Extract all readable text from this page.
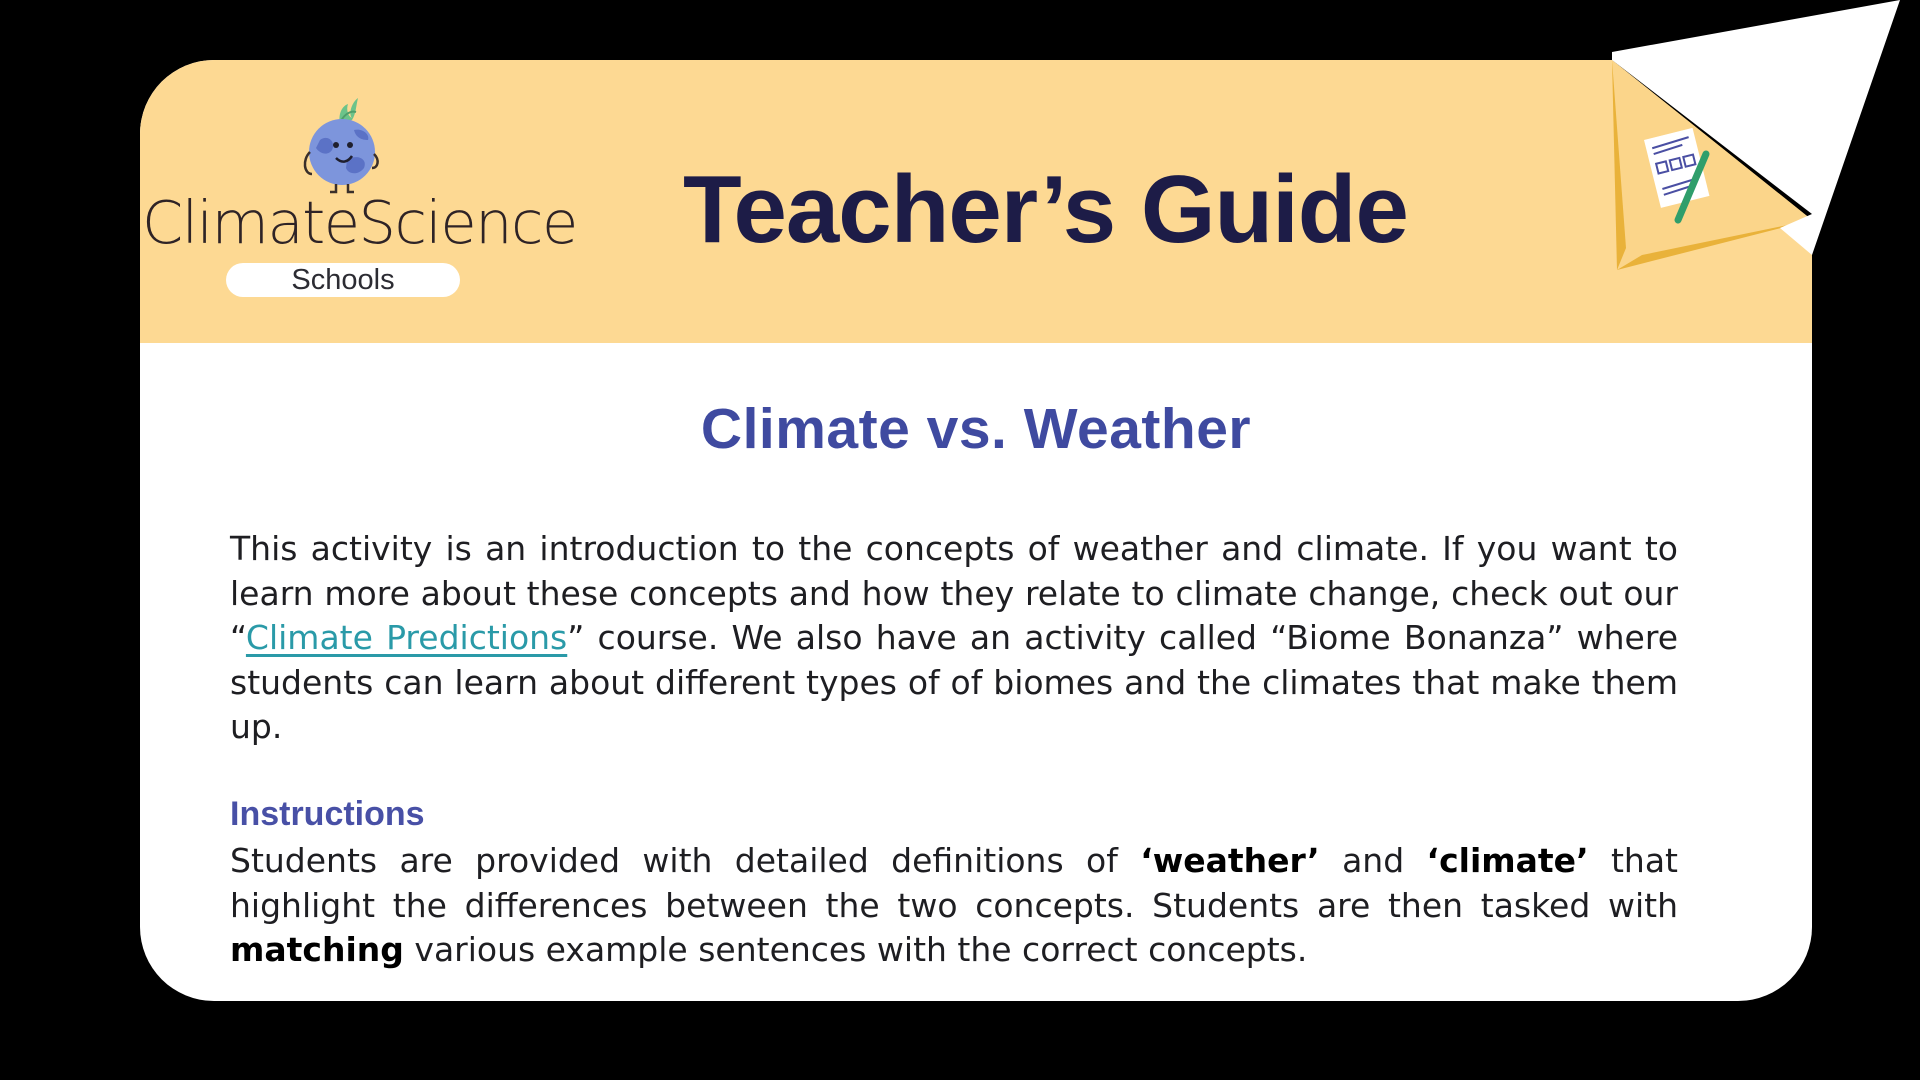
ClimateScience
Schools
Teacher’s Guide
Climate vs. Weather

This activity is an introduction to the concepts of weather and climate. If you want to learn more about these concepts and how they relate to climate change, check out our “Climate Predictions” course. We also have an activity called “Biome Bonanza” where students can learn about different types of of biomes and the climates that make them up.

Instructions

Students are provided with detailed definitions of ‘weather’ and ‘climate’ that highlight the differences between the two concepts. Students are then tasked with matching various example sentences with the correct concepts.
